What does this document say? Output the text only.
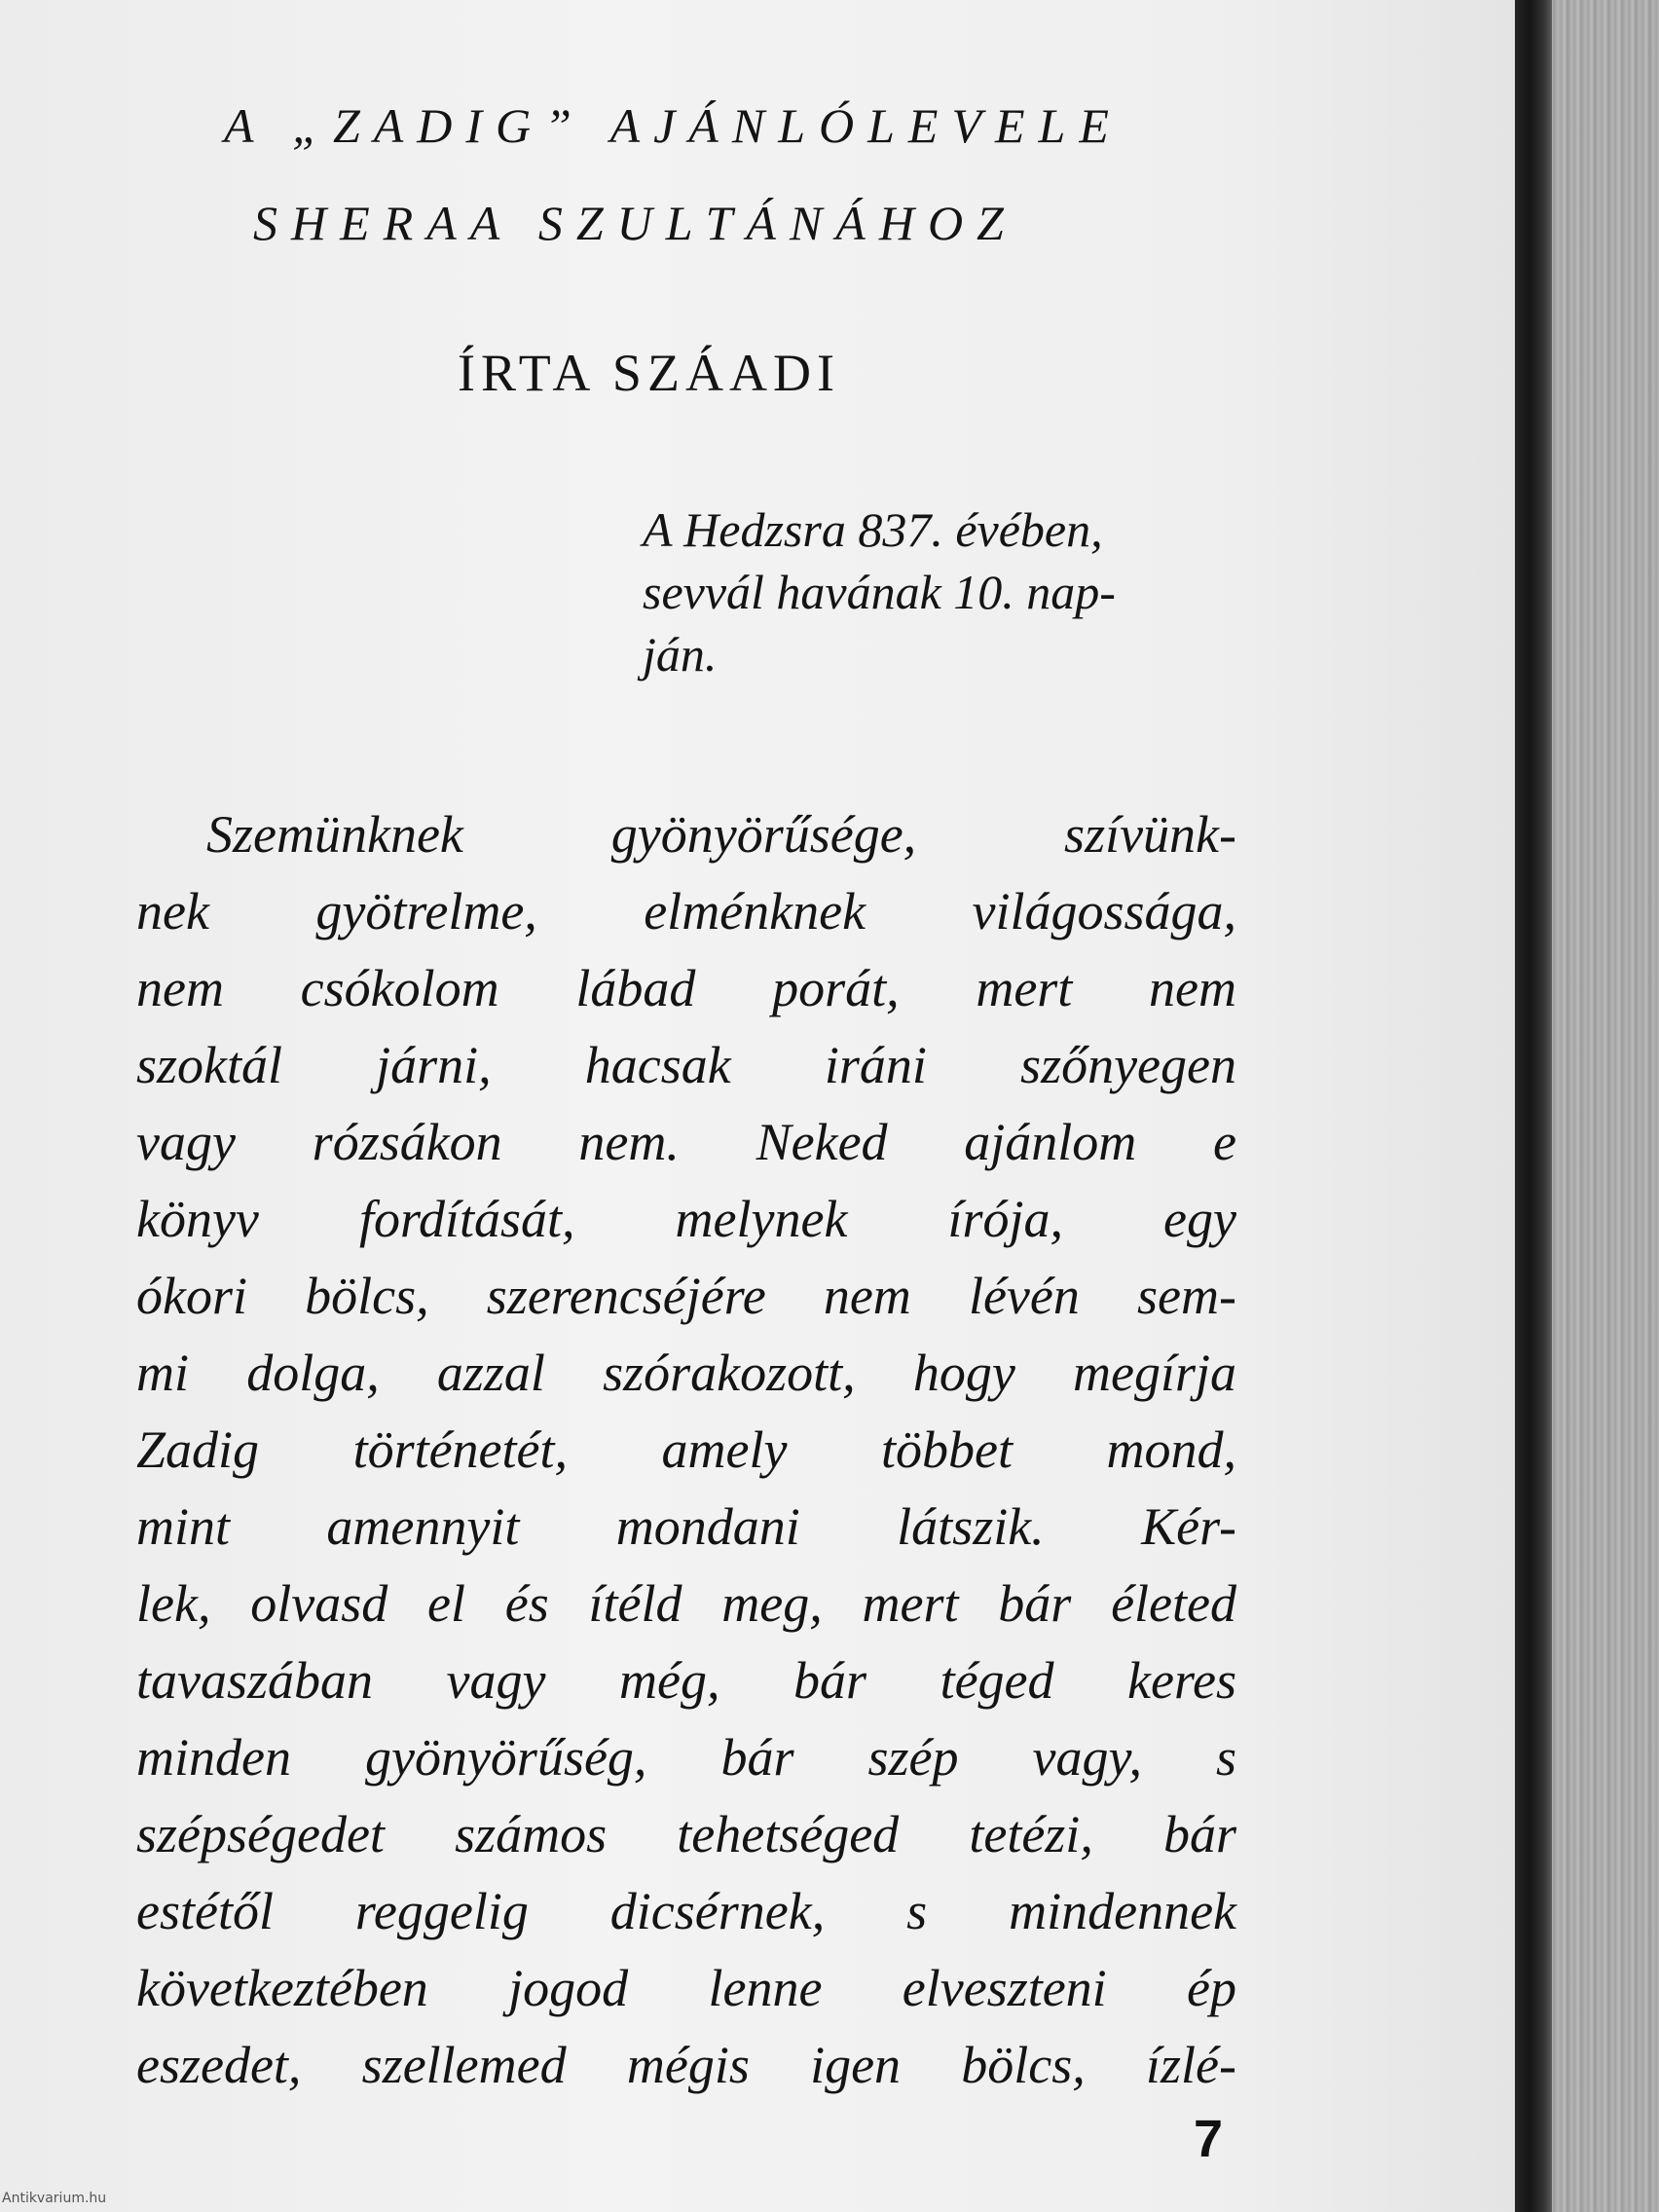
A „ZADIG” AJÁNLÓLEVELE
SHERAA SZULTÁNÁHOZ
ÍRTA SZÁADI
A Hedzsra 837. évében,
sevvál havának 10. nap-
ján.
Szemünknek gyönyörűsége, szívünk-
nek gyötrelme, elménknek világossága,
nem csókolom lábad porát, mert nem
szoktál járni, hacsak iráni szőnyegen
vagy rózsákon nem. Neked ajánlom e
könyv fordítását, melynek írója, egy
ókori bölcs, szerencséjére nem lévén sem-
mi dolga, azzal szórakozott, hogy megírja
Zadig történetét, amely többet mond,
mint amennyit mondani látszik. Kér-
lek, olvasd el és ítéld meg, mert bár életed
tavaszában vagy még, bár téged keres
minden gyönyörűség, bár szép vagy, s
szépségedet számos tehetséged tetézi, bár
estétől reggelig dicsérnek, s mindennek
következtében jogod lenne elveszteni ép
eszedet, szellemed mégis igen bölcs, ízlé-
7
Antikvarium.hu
